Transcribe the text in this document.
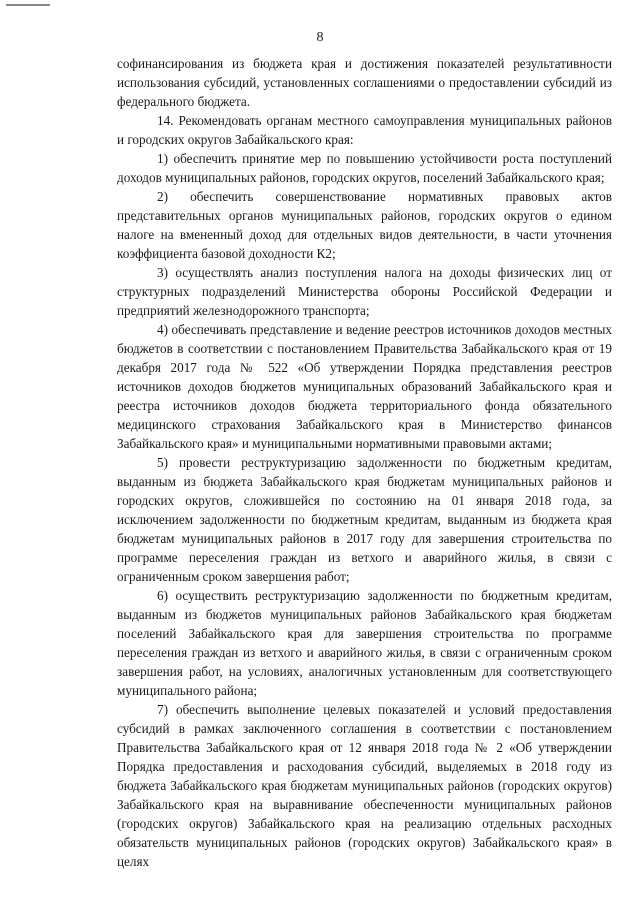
8

софинансирования из бюджета края и достижения показателей результативности использования субсидий, установленных соглашениями о предоставлении субсидий из федерального бюджета.

14. Рекомендовать органам местного самоуправления муниципальных районов и городских округов Забайкальского края:

1) обеспечить принятие мер по повышению устойчивости роста поступлений доходов муниципальных районов, городских округов, поселений Забайкальского края;

2) обеспечить совершенствование нормативных правовых актов представительных органов муниципальных районов, городских округов о едином налоге на вмененный доход для отдельных видов деятельности, в части уточнения коэффициента базовой доходности К2;

3) осуществлять анализ поступления налога на доходы физических лиц от структурных подразделений Министерства обороны Российской Федерации и предприятий железнодорожного транспорта;

4) обеспечивать представление и ведение реестров источников доходов местных бюджетов в соответствии с постановлением Правительства Забайкальского края от 19 декабря 2017 года № 522 «Об утверждении Порядка представления реестров источников доходов бюджетов муниципальных образований Забайкальского края и реестра источников доходов бюджета территориального фонда обязательного медицинского страхования Забайкальского края в Министерство финансов Забайкальского края» и муниципальными нормативными правовыми актами;

5) провести реструктуризацию задолженности по бюджетным кредитам, выданным из бюджета Забайкальского края бюджетам муниципальных районов и городских округов, сложившейся по состоянию на 01 января 2018 года, за исключением задолженности по бюджетным кредитам, выданным из бюджета края бюджетам муниципальных районов в 2017 году для завершения строительства по программе переселения граждан из ветхого и аварийного жилья, в связи с ограниченным сроком завершения работ;

6) осуществить реструктуризацию задолженности по бюджетным кредитам, выданным из бюджетов муниципальных районов Забайкальского края бюджетам поселений Забайкальского края для завершения строительства по программе переселения граждан из ветхого и аварийного жилья, в связи с ограниченным сроком завершения работ, на условиях, аналогичных установленным для соответствующего муниципального района;

7) обеспечить выполнение целевых показателей и условий предоставления субсидий в рамках заключенного соглашения в соответствии с постановлением Правительства Забайкальского края от 12 января 2018 года № 2 «Об утверждении Порядка предоставления и расходования субсидий, выделяемых в 2018 году из бюджета Забайкальского края бюджетам муниципальных районов (городских округов) Забайкальского края на выравнивание обеспеченности муниципальных районов (городских округов) Забайкальского края на реализацию отдельных расходных обязательств муниципальных районов (городских округов) Забайкальского края» в целях
